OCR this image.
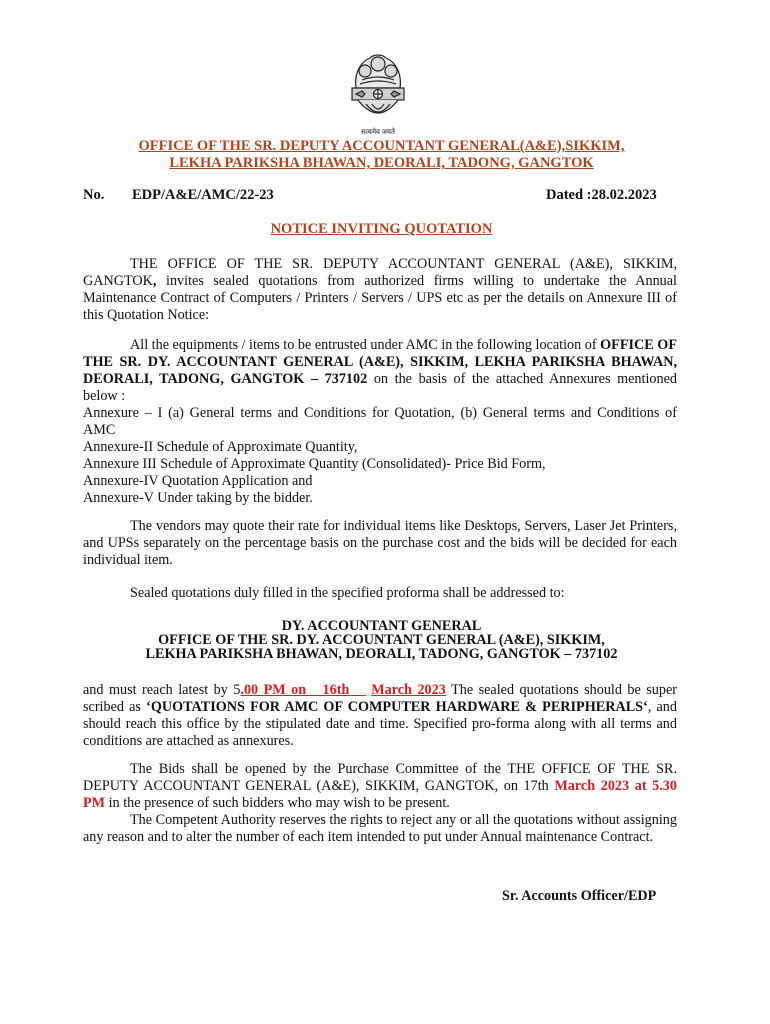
सत्यमेव जयते
OFFICE OF THE SR. DEPUTY ACCOUNTANT GENERAL(A&E),SIKKIM,
LEKHA PARIKSHA BHAWAN, DEORALI, TADONG, GANGTOK
No. EDP/A&E/AMC/22-23	Dated :28.02.2023
NOTICE INVITING QUOTATION
THE OFFICE OF THE SR. DEPUTY ACCOUNTANT GENERAL (A&E), SIKKIM, GANGTOK, invites sealed quotations from authorized firms willing to undertake the Annual Maintenance Contract of Computers / Printers / Servers / UPS etc as per the details on Annexure III of this Quotation Notice:

All the equipments / items to be entrusted under AMC in the following location of OFFICE OF THE SR. DY. ACCOUNTANT GENERAL (A&E), SIKKIM, LEKHA PARIKSHA BHAWAN, DEORALI, TADONG, GANGTOK – 737102 on the basis of the attached Annexures mentioned below :

Annexure – I (a) General terms and Conditions for Quotation, (b) General terms and Conditions of AMC

Annexure-II Schedule of Approximate Quantity,

Annexure III Schedule of Approximate Quantity (Consolidated)- Price Bid Form,

Annexure-IV Quotation Application and

Annexure-V Under taking by the bidder.

The vendors may quote their rate for individual items like Desktops, Servers, Laser Jet Printers, and UPSs separately on the percentage basis on the purchase cost and the bids will be decided for each individual item.
Sealed quotations duly filled in the specified proforma shall be addressed to:
DY. ACCOUNTANT GENERAL
OFFICE OF THE SR. DY. ACCOUNTANT GENERAL (A&E), SIKKIM,
LEKHA PARIKSHA BHAWAN, DEORALI, TADONG, GANGTOK – 737102
and must reach latest by 5.00 PM on   16th    March 2023 The sealed quotations should be super scribed as ‘QUOTATIONS FOR AMC OF COMPUTER HARDWARE & PERIPHERALS‘, and should reach this office by the stipulated date and time. Specified pro-forma along with all terms and conditions are attached as annexures.

The Bids shall be opened by the Purchase Committee of the THE OFFICE OF THE SR. DEPUTY ACCOUNTANT GENERAL (A&E), SIKKIM, GANGTOK, on 17th March 2023 at 5.30 PM in the presence of such bidders who may wish to be present.

The Competent Authority reserves the rights to reject any or all the quotations without assigning any reason and to alter the number of each item intended to put under Annual maintenance Contract.

Sr. Accounts Officer/EDP
